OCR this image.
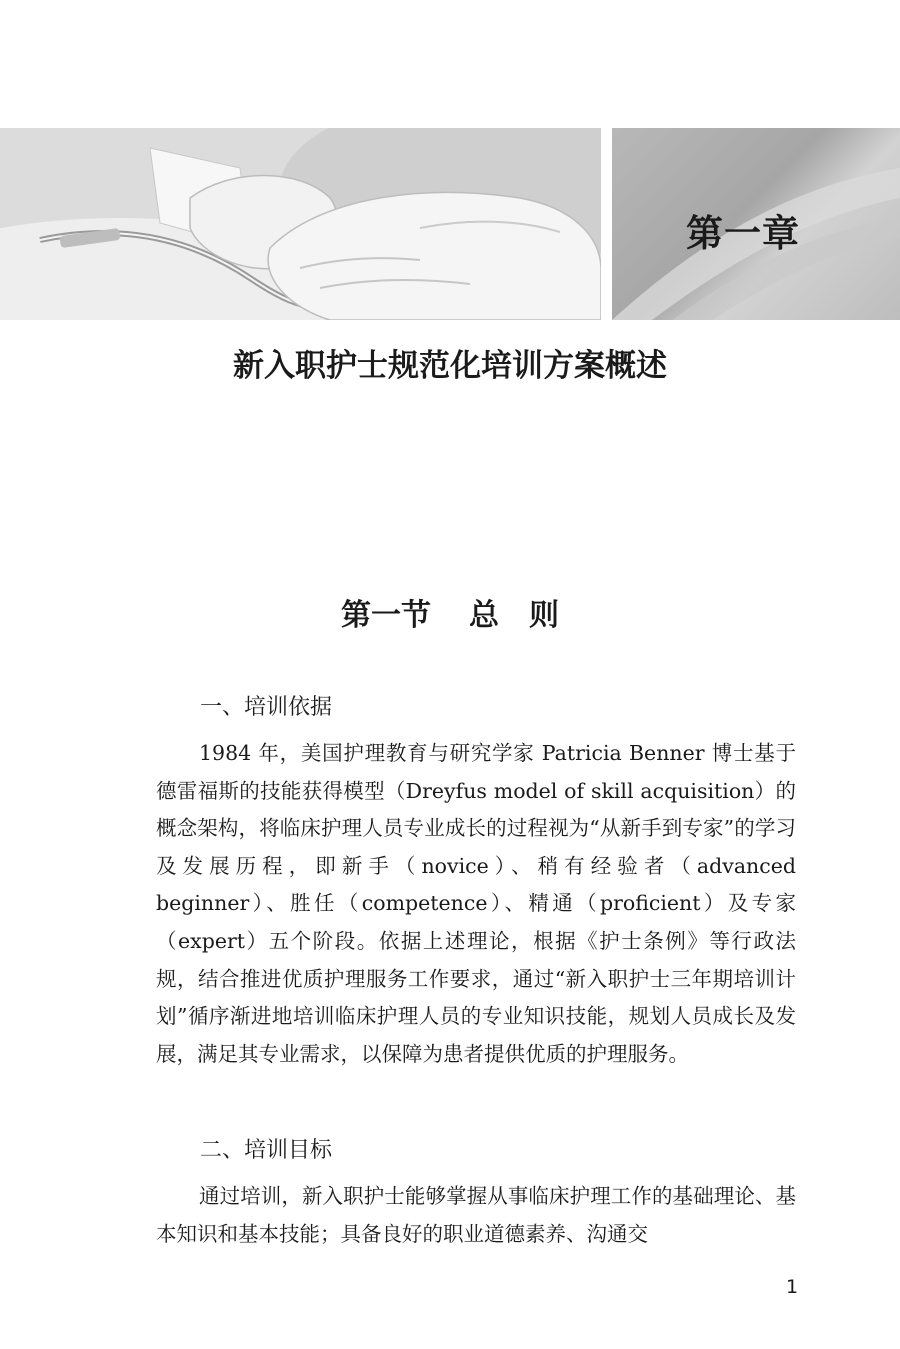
第一章
新入职护士规范化培训方案概述
第一节 总 则
一、培训依据

1984 年，美国护理教育与研究学家 Patricia Benner 博士基于德雷福斯的技能获得模型（Dreyfus model of skill acquisition）的概念架构，将临床护理人员专业成长的过程视为“从新手到专家”的学习及发展历程，即新手（novice）、稍有经验者（advanced beginner）、胜任（competence）、精通（proficient）及专家（expert）五个阶段。依据上述理论，根据《护士条例》等行政法规，结合推进优质护理服务工作要求，通过“新入职护士三年期培训计划”循序渐进地培训临床护理人员的专业知识技能，规划人员成长及发展，满足其专业需求，以保障为患者提供优质的护理服务。

二、培训目标

通过培训，新入职护士能够掌握从事临床护理工作的基础理论、基本知识和基本技能；具备良好的职业道德素养、沟通交

1
